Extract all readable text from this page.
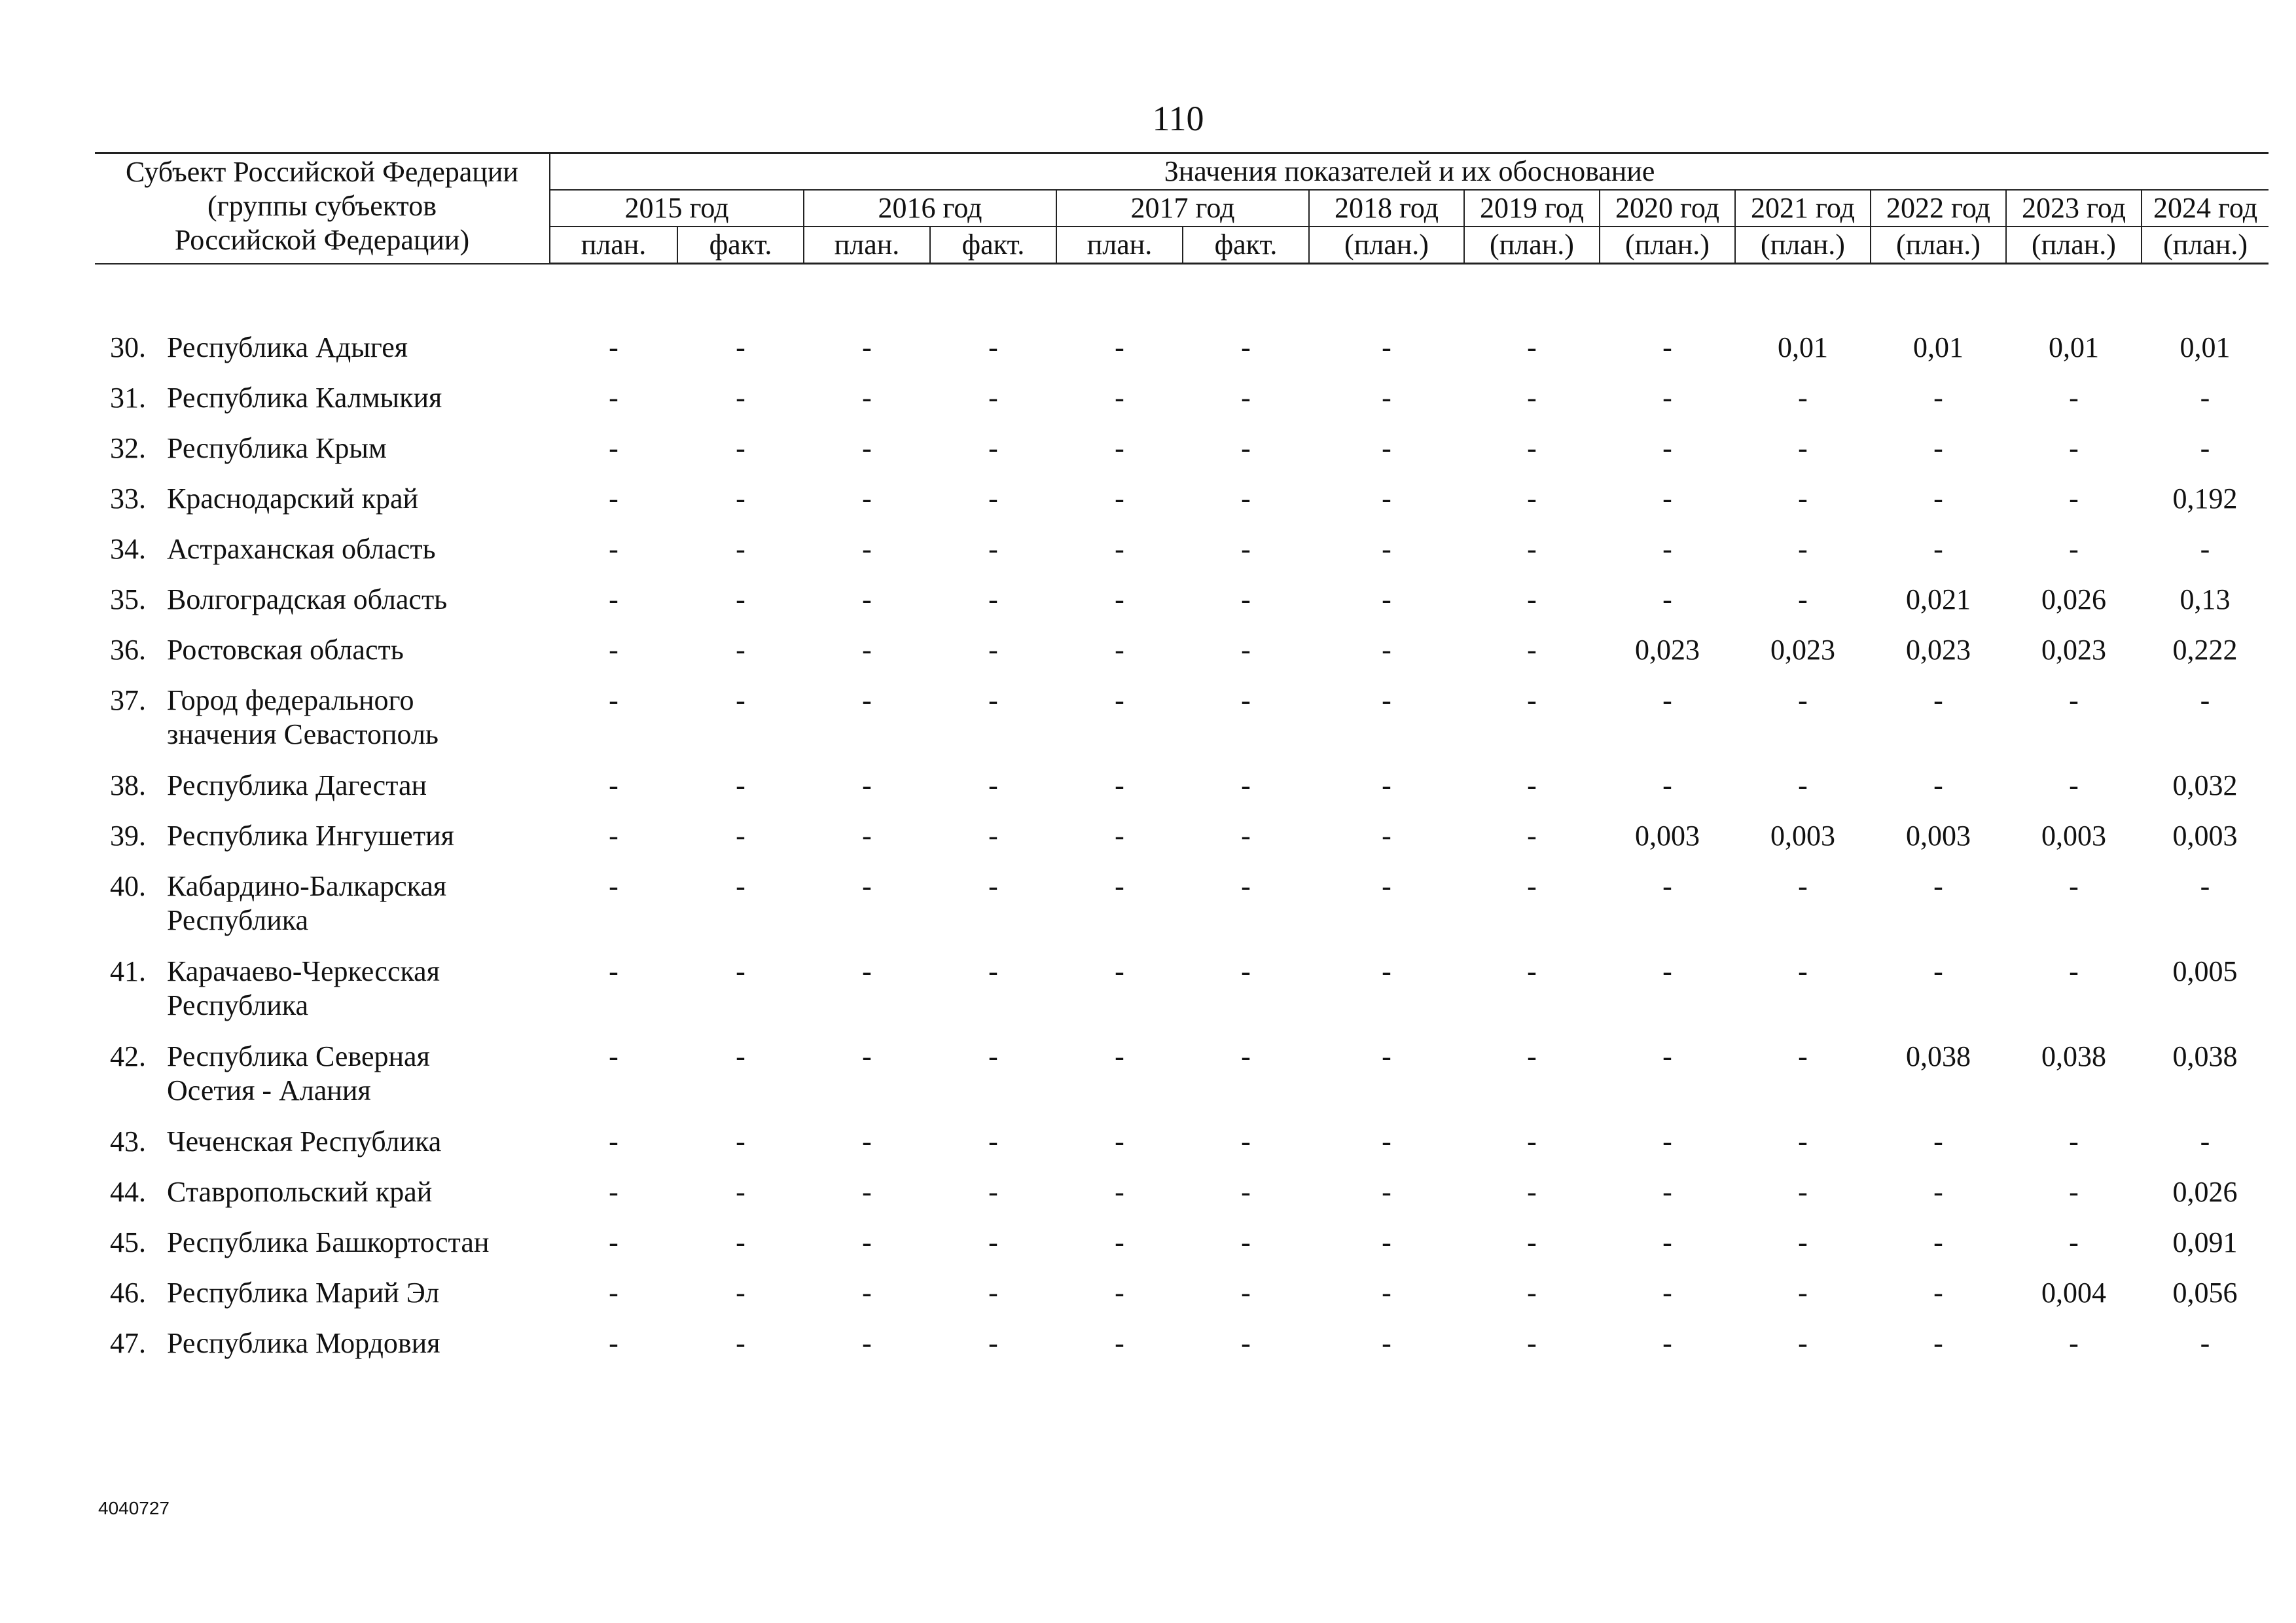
110
Субъект Российской Федерации
(группы субъектов
Российской Федерации)	Значения показателей и их обоснование												
	2015 год		2016 год		2017 год		2018 год	2019 год	2020 год	2021 год	2022 год	2023 год	2024 год
	план.	факт.	план.	факт.	план.	факт.	(план.)	(план.)	(план.)	(план.)	(план.)	(план.)	(план.)
30.	Республика Адыгея	-	-	-	-	-	-	-	-	-	0,01	0,01	0,01	0,01
31.	Республика Калмыкия	-	-	-	-	-	-	-	-	-	-	-	-	-
32.	Республика Крым	-	-	-	-	-	-	-	-	-	-	-	-	-
33.	Краснодарский край	-	-	-	-	-	-	-	-	-	-	-	-	0,192
34.	Астраханская область	-	-	-	-	-	-	-	-	-	-	-	-	-
35.	Волгоградская область	-	-	-	-	-	-	-	-	-	-	0,021	0,026	0,13
36.	Ростовская область	-	-	-	-	-	-	-	-	0,023	0,023	0,023	0,023	0,222
37.	Город федерального
значения Севастополь	-	-	-	-	-	-	-	-	-	-	-	-	-
38.	Республика Дагестан	-	-	-	-	-	-	-	-	-	-	-	-	0,032
39.	Республика Ингушетия	-	-	-	-	-	-	-	-	0,003	0,003	0,003	0,003	0,003
40.	Кабардино-Балкарская
Республика	-	-	-	-	-	-	-	-	-	-	-	-	-
41.	Карачаево-Черкесская
Республика	-	-	-	-	-	-	-	-	-	-	-	-	0,005
42.	Республика Северная
Осетия - Алания	-	-	-	-	-	-	-	-	-	-	0,038	0,038	0,038
43.	Чеченская Республика	-	-	-	-	-	-	-	-	-	-	-	-	-
44.	Ставропольский край	-	-	-	-	-	-	-	-	-	-	-	-	0,026
45.	Республика Башкортостан	-	-	-	-	-	-	-	-	-	-	-	-	0,091
46.	Республика Марий Эл	-	-	-	-	-	-	-	-	-	-	-	0,004	0,056
47.	Республика Мордовия	-	-	-	-	-	-	-	-	-	-	-	-	-
4040727
